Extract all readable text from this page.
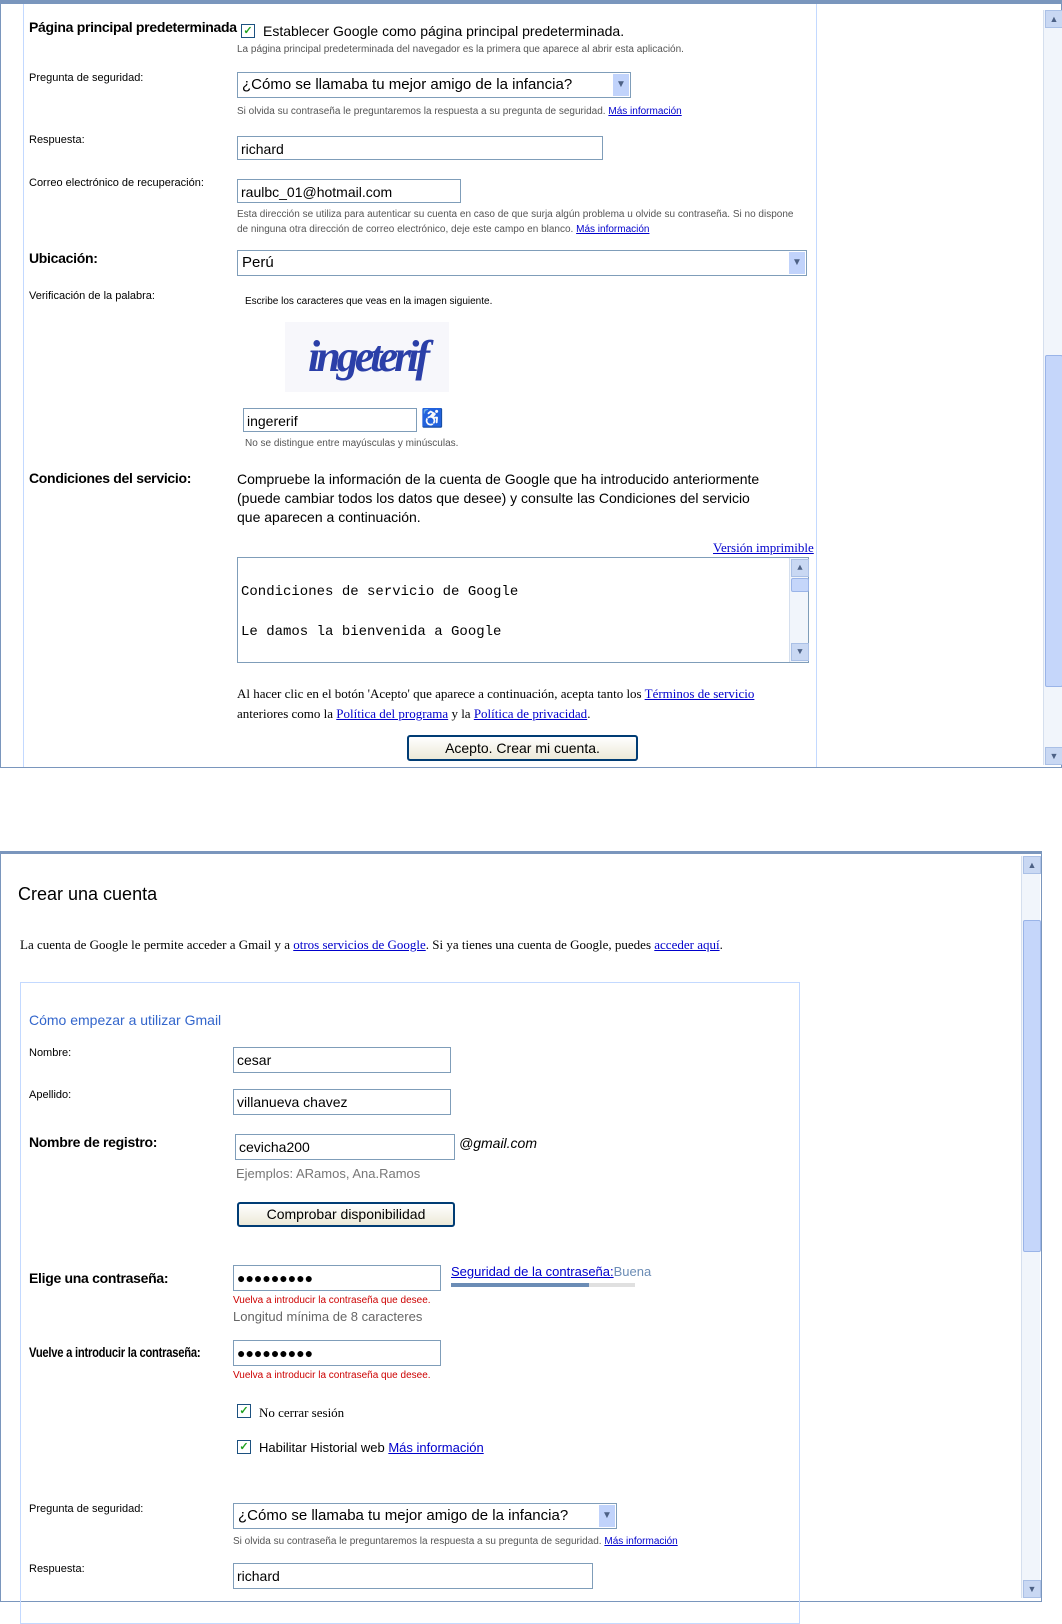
Página principal predeterminada ✓ Establecer Google como página principal predeterminada.
La página principal predeterminada del navegador es la primera que aparece al abrir esta aplicación.
Pregunta de seguridad:	¿Cómo se llamaba tu mejor amigo de la infancia?	▼
Si olvida su contraseña le preguntaremos la respuesta a su pregunta de seguridad. Más información
Respuesta:
richard
Correo electrónico de recuperación:
raulbc_01@hotmail.com
Esta dirección se utiliza para autenticar su cuenta en caso de que surja algún problema u olvide su contraseña. Si no dispone de ninguna otra dirección de correo electrónico, deje este campo en blanco. Más información
Ubicación:	Perú	▼
Verificación de la palabra:	Escribe los caracteres que veas en la imagen siguiente.
ingeterif
ingererif	♿
No se distingue entre mayúsculas y minúsculas.
Condiciones del servicio:	Compruebe la información de la cuenta de Google que ha introducido anteriormente (puede cambiar todos los datos que desee) y consulte las Condiciones del servicio que aparecen a continuación.
Versión imprimible
Condiciones de servicio de Google
Le damos la bienvenida a Google
▲
▼
Al hacer clic en el botón 'Acepto' que aparece a continuación, acepta tanto los Términos de servicio anteriores como la Política del programa y la Política de privacidad.
Acepto. Crear mi cuenta.
▲
▼
Crear una cuenta
La cuenta de Google le permite acceder a Gmail y a otros servicios de Google. Si ya tienes una cuenta de Google, puedes acceder aquí.
Cómo empezar a utilizar Gmail
Nombre:	cesar
Apellido:	villanueva chavez
Nombre de registro:	cevicha200	@gmail.com
Ejemplos: ARamos, Ana.Ramos
Comprobar disponibilidad
Elige una contraseña:	●●●●●●●●●	Seguridad de la contraseña:Buena
Vuelva a introducir la contraseña que desee.
Longitud mínima de 8 caracteres
Vuelve a introducir la contraseña:	●●●●●●●●●
Vuelva a introducir la contraseña que desee.
✓ No cerrar sesión
✓ Habilitar Historial web Más información
Pregunta de seguridad:	¿Cómo se llamaba tu mejor amigo de la infancia?	▼
Si olvida su contraseña le preguntaremos la respuesta a su pregunta de seguridad. Más información
Respuesta:	richard
▲
▼
